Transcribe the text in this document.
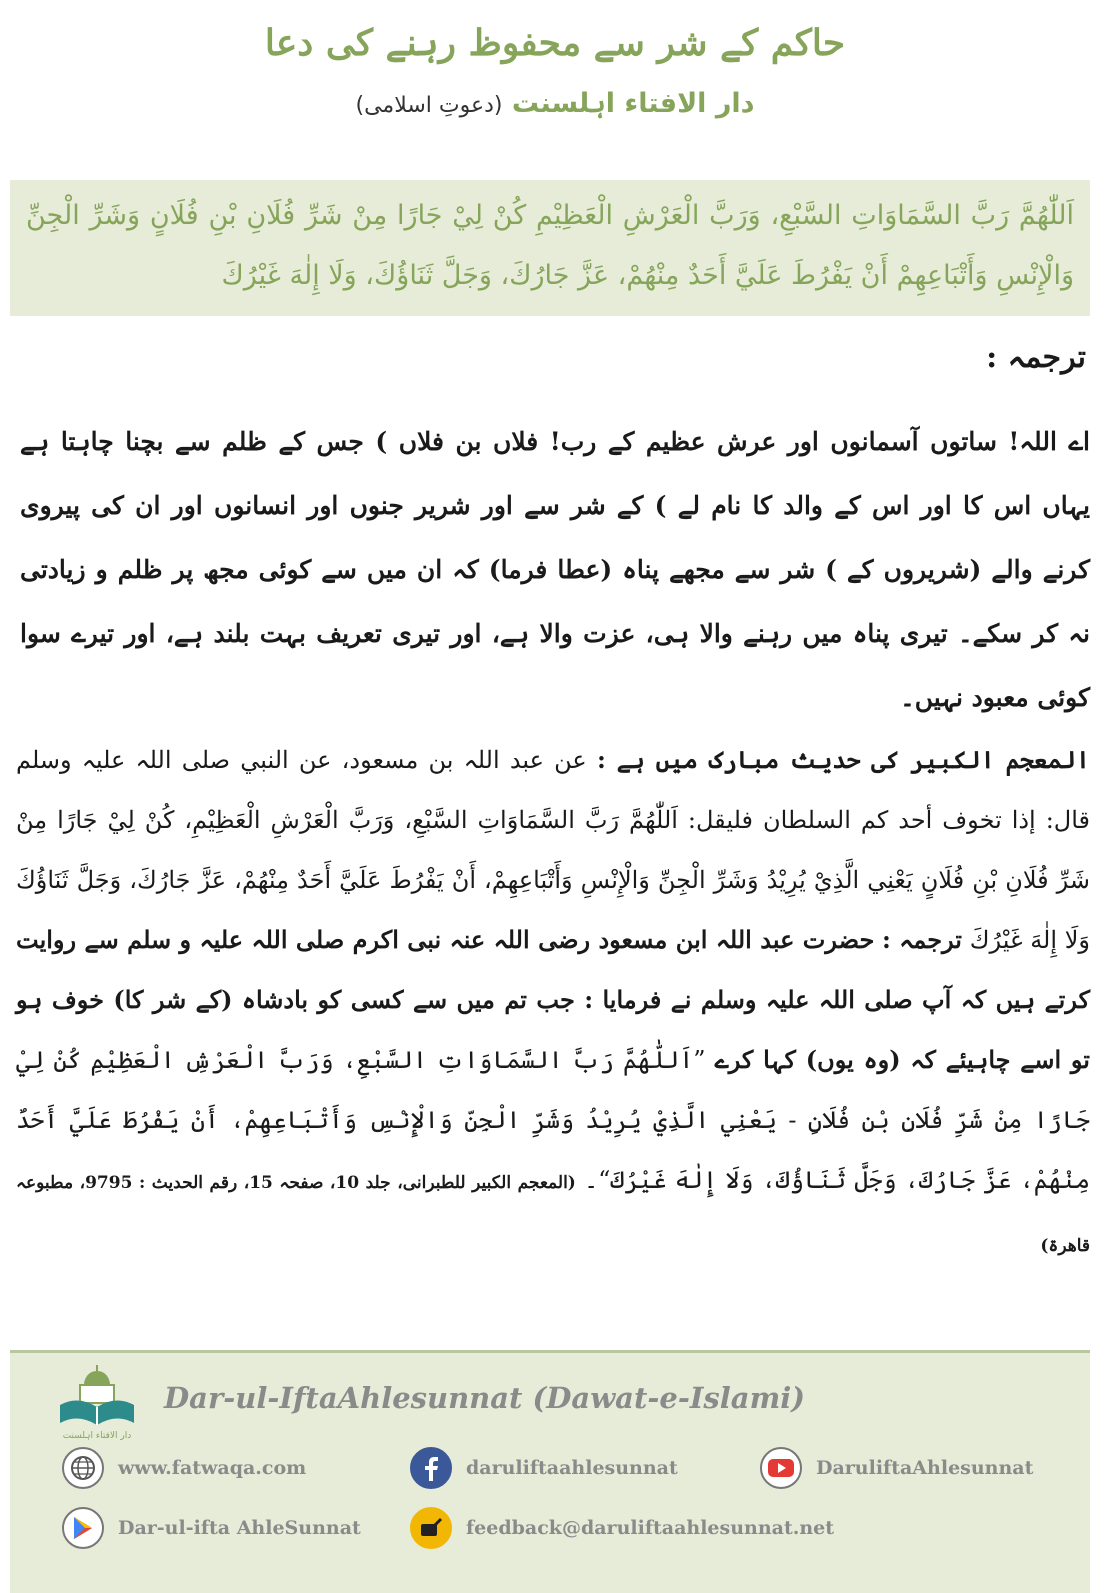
حاکم کے شر سے محفوظ رہنے کی دعا
دار الافتاء اہلسنت (دعوتِ اسلامی)
اَللّٰھُمَّ رَبَّ السَّمَاوَاتِ السَّبْعِ، وَرَبَّ الْعَرْشِ الْعَظِيْمِ كُنْ لِيْ جَارًا مِنْ شَرِّ فُلَانِ بْنِ فُلَانٍ وَشَرِّ الْجِنِّ وَالْإِنْسِ وَأَتْبَاعِهِمْ أَنْ يَفْرُطَ عَلَيَّ أَحَدٌ مِنْهُمْ، عَزَّ جَارُكَ، وَجَلَّ ثَنَاؤُكَ، وَلَا إِلٰهَ غَيْرُكَ
ترجمہ :

اے اللہ! ساتوں آسمانوں اور عرش عظیم کے رب! فلاں بن فلاں ) جس کے ظلم سے بچنا چاہتا ہے یہاں اس کا اور اس کے والد کا نام لے ) کے شر سے اور شریر جنوں اور انسانوں اور ان کی پیروی کرنے والے (شریروں کے ) شر سے مجھے پناہ (عطا فرما) کہ ان میں سے کوئی مجھ پر ظلم و زیادتی نہ کر سکے۔ تیری پناہ میں رہنے والا ہی، عزت والا ہے، اور تیری تعریف بہت بلند ہے، اور تیرے سوا کوئی معبود نہیں۔

المعجم الکبیر کی حدیث مبارک میں ہے : عن عبد اللہ بن مسعود، عن النبي صلی اللہ علیہ وسلم قال: إذا تخوف أحد كم السلطان فليقل: اَللّٰھُمَّ رَبَّ السَّمَاوَاتِ السَّبْعِ، وَرَبَّ الْعَرْشِ الْعَظِيْمِ، كُنْ لِيْ جَارًا مِنْ شَرِّ فُلَانِ بْنِ فُلَانٍ يَعْنِي الَّذِيْ يُرِيْدُ وَشَرِّ الْجِنِّ وَالْإِنْسِ وَأَتْبَاعِهِمْ، أَنْ يَفْرُطَ عَلَيَّ أَحَدٌ مِنْهُمْ، عَزَّ جَارُكَ، وَجَلَّ ثَنَاؤُكَ وَلَا إِلٰهَ غَيْرُكَ ترجمہ : حضرت عبد اللہ ابن مسعود رضی اللہ عنہ نبی اکرم صلی اللہ علیہ و سلم سے روایت کرتے ہیں کہ آپ صلی اللہ علیہ وسلم نے فرمایا : جب تم میں سے کسی کو بادشاہ (کے شر کا) خوف ہو تو اسے چاہیئے کہ (وہ یوں) کہا کرے ”اَللّٰھُمَّ رَبَّ السَّمَاوَاتِ السَّبْعِ، وَرَبَّ الْعَرْشِ الْعَظِيْمِ كُنْ لِيْ جَارًا مِنْ شَرِّ فُلَانِ بْنِ فُلَانٍ - يَعْنِي الَّذِيْ يُرِيْدُ وَشَرِّ الْجِنِّ وَالْإِنْسِ وَأَتْبَاعِهِمْ، أَنْ يَفْرُطَ عَلَيَّ أَحَدٌ مِنْهُمْ، عَزَّ جَارُكَ، وَجَلَّ ثَنَاؤُكَ، وَلَا إِلٰهَ غَيْرُكَ“۔ (المعجم الکبیر للطبرانی، جلد 10، صفحہ 15، رقم الحدیث : 9795، مطبوعہ قاھرۃ)

دار الافتاء اہلسنت
Dar-ul-IftaAhlesunnat (Dawat-e-Islami)
www.fatwaqa.com	daruliftaahlesunnat	DaruliftaAhlesunnat
Dar-ul-ifta AhleSunnat	feedback@daruliftaahlesunnat.net
